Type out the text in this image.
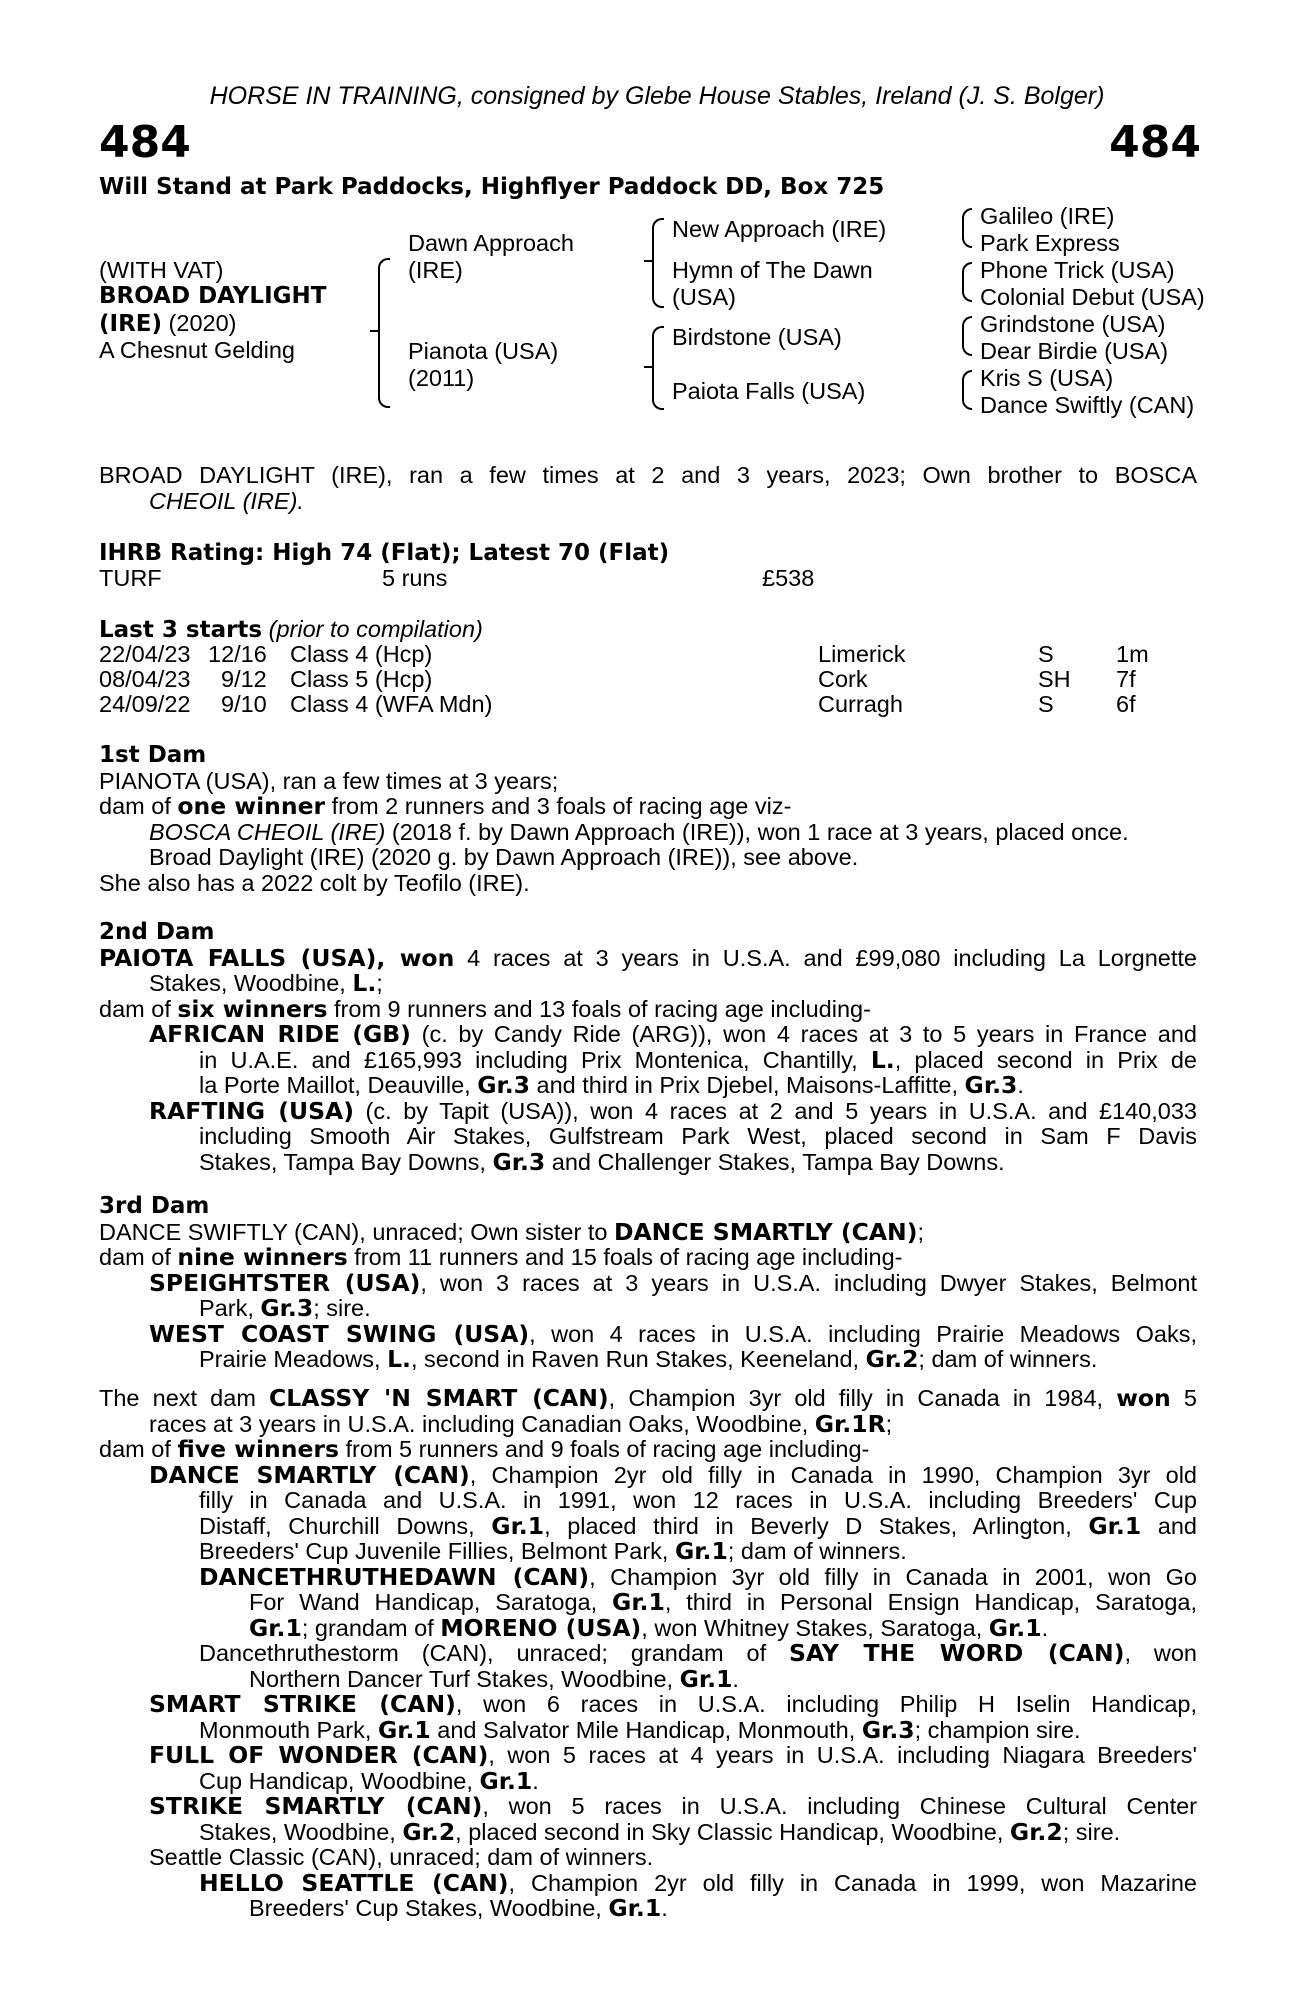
HORSE IN TRAINING, consigned by Glebe House Stables, Ireland (J. S. Bolger)
484	484
Will Stand at Park Paddocks, Highflyer Paddock DD, Box 725
(WITH VAT)
BROAD DAYLIGHT
(IRE) (2020)
A Chesnut Gelding
Dawn Approach
(IRE)
Pianota (USA)
(2011)
New Approach (IRE)
Hymn of The Dawn
(USA)
Birdstone (USA)
Paiota Falls (USA)
Galileo (IRE)
Park Express
Phone Trick (USA)
Colonial Debut (USA)
Grindstone (USA)
Dear Birdie (USA)
Kris S (USA)
Dance Swiftly (CAN)
BROAD DAYLIGHT (IRE), ran a few times at 2 and 3 years, 2023; Own brother to BOSCA
CHEOIL (IRE).
IHRB Rating: High 74 (Flat); Latest 70 (Flat)
TURF	5 runs	£538
Last 3 starts (prior to compilation)
22/04/23 12/16 Class 4 (Hcp)	Limerick	S	1m
08/04/23 9/12 Class 5 (Hcp)	Cork	SH 7f
24/09/22 9/10 Class 4 (WFA Mdn)	Curragh	S	6f
1st Dam
PIANOTA (USA), ran a few times at 3 years;
dam of one winner from 2 runners and 3 foals of racing age viz-
BOSCA CHEOIL (IRE) (2018 f. by Dawn Approach (IRE)), won 1 race at 3 years, placed once.
Broad Daylight (IRE) (2020 g. by Dawn Approach (IRE)), see above.
She also has a 2022 colt by Teofilo (IRE).
2nd Dam
PAIOTA FALLS (USA), won 4 races at 3 years in U.S.A. and £99,080 including La Lorgnette
Stakes, Woodbine, L.;
dam of six winners from 9 runners and 13 foals of racing age including-
AFRICAN RIDE (GB) (c. by Candy Ride (ARG)), won 4 races at 3 to 5 years in France and
in U.A.E. and £165,993 including Prix Montenica, Chantilly, L., placed second in Prix de
la Porte Maillot, Deauville, Gr.3 and third in Prix Djebel, Maisons-Laffitte, Gr.3.
RAFTING (USA) (c. by Tapit (USA)), won 4 races at 2 and 5 years in U.S.A. and £140,033
including Smooth Air Stakes, Gulfstream Park West, placed second in Sam F Davis
Stakes, Tampa Bay Downs, Gr.3 and Challenger Stakes, Tampa Bay Downs.
3rd Dam
DANCE SWIFTLY (CAN), unraced; Own sister to DANCE SMARTLY (CAN);
dam of nine winners from 11 runners and 15 foals of racing age including-
SPEIGHTSTER (USA), won 3 races at 3 years in U.S.A. including Dwyer Stakes, Belmont
Park, Gr.3; sire.
WEST COAST SWING (USA), won 4 races in U.S.A. including Prairie Meadows Oaks,
Prairie Meadows, L., second in Raven Run Stakes, Keeneland, Gr.2; dam of winners.
The next dam CLASSY 'N SMART (CAN), Champion 3yr old filly in Canada in 1984, won 5
races at 3 years in U.S.A. including Canadian Oaks, Woodbine, Gr.1R;
dam of five winners from 5 runners and 9 foals of racing age including-
DANCE SMARTLY (CAN), Champion 2yr old filly in Canada in 1990, Champion 3yr old
filly in Canada and U.S.A. in 1991, won 12 races in U.S.A. including Breeders' Cup
Distaff, Churchill Downs, Gr.1, placed third in Beverly D Stakes, Arlington, Gr.1 and
Breeders' Cup Juvenile Fillies, Belmont Park, Gr.1; dam of winners.
DANCETHRUTHEDAWN (CAN), Champion 3yr old filly in Canada in 2001, won Go
For Wand Handicap, Saratoga, Gr.1, third in Personal Ensign Handicap, Saratoga,
Gr.1; grandam of MORENO (USA), won Whitney Stakes, Saratoga, Gr.1.
Dancethruthestorm (CAN), unraced; grandam of SAY THE WORD (CAN), won
Northern Dancer Turf Stakes, Woodbine, Gr.1.
SMART STRIKE (CAN), won 6 races in U.S.A. including Philip H Iselin Handicap,
Monmouth Park, Gr.1 and Salvator Mile Handicap, Monmouth, Gr.3; champion sire.
FULL OF WONDER (CAN), won 5 races at 4 years in U.S.A. including Niagara Breeders'
Cup Handicap, Woodbine, Gr.1.
STRIKE SMARTLY (CAN), won 5 races in U.S.A. including Chinese Cultural Center
Stakes, Woodbine, Gr.2, placed second in Sky Classic Handicap, Woodbine, Gr.2; sire.
Seattle Classic (CAN), unraced; dam of winners.
HELLO SEATTLE (CAN), Champion 2yr old filly in Canada in 1999, won Mazarine
Breeders' Cup Stakes, Woodbine, Gr.1.
